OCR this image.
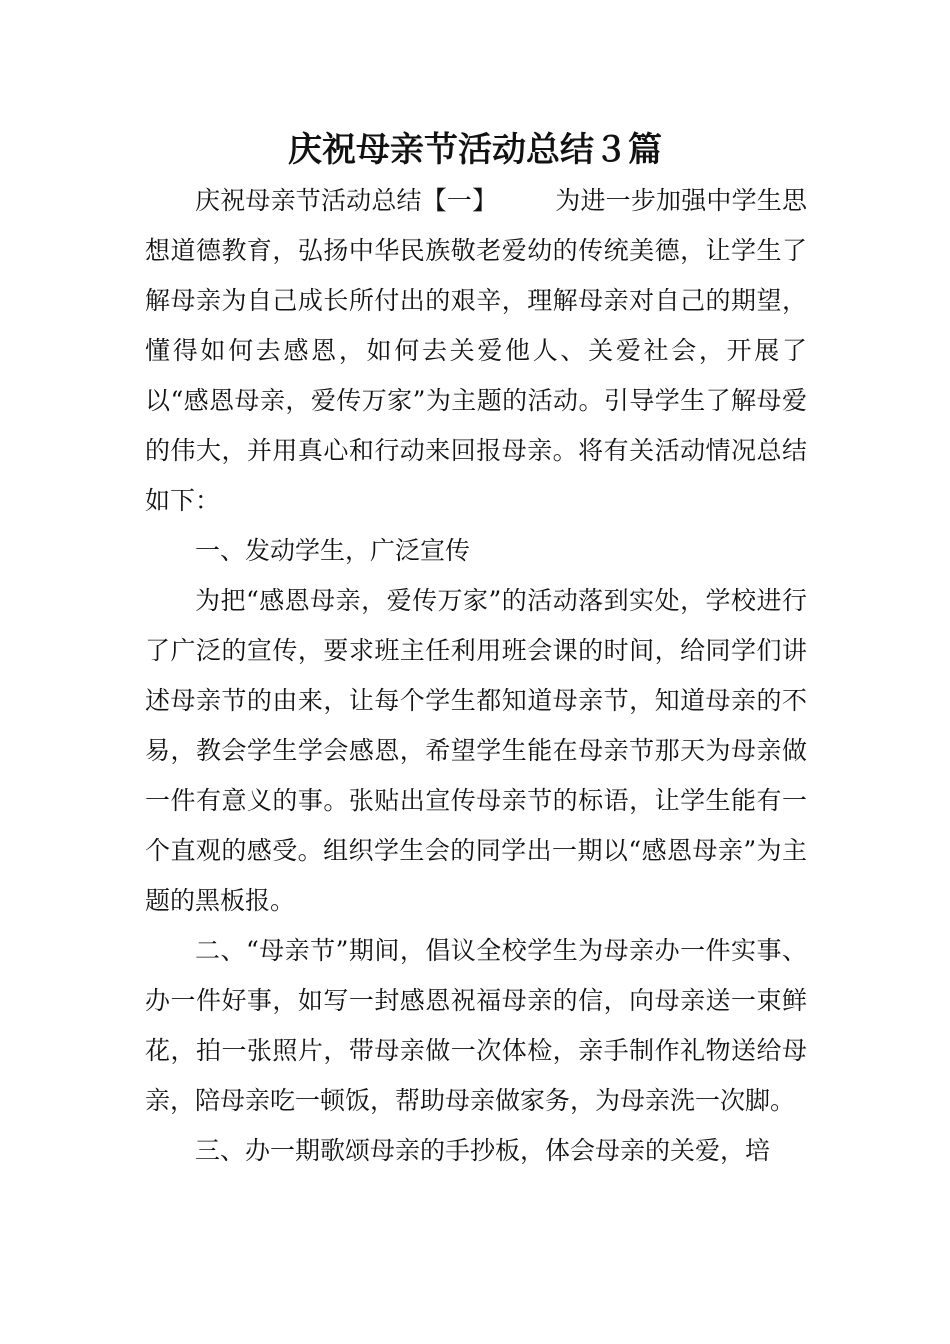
庆祝母亲节活动总结３篇

庆祝母亲节活动总结【一】 为进一步加强中学生思想道德教育，弘扬中华民族敬老爱幼的传统美德，让学生了解母亲为自己成长所付出的艰辛，理解母亲对自己的期望，懂得如何去感恩，如何去关爱他人、关爱社会，开展了以“感恩母亲，爱传万家”为主题的活动。引导学生了解母爱的伟大，并用真心和行动来回报母亲。将有关活动情况总结如下：

一、发动学生，广泛宣传

为把“感恩母亲，爱传万家”的活动落到实处，学校进行了广泛的宣传，要求班主任利用班会课的时间，给同学们讲述母亲节的由来，让每个学生都知道母亲节，知道母亲的不易，教会学生学会感恩，希望学生能在母亲节那天为母亲做一件有意义的事。张贴出宣传母亲节的标语，让学生能有一个直观的感受。组织学生会的同学出一期以“感恩母亲”为主题的黑板报。

二、“母亲节”期间，倡议全校学生为母亲办一件实事、办一件好事，如写一封感恩祝福母亲的信，向母亲送一束鲜花，拍一张照片，带母亲做一次体检，亲手制作礼物送给母亲，陪母亲吃一顿饭，帮助母亲做家务，为母亲洗一次脚。

三、办一期歌颂母亲的手抄板，体会母亲的关爱，培
